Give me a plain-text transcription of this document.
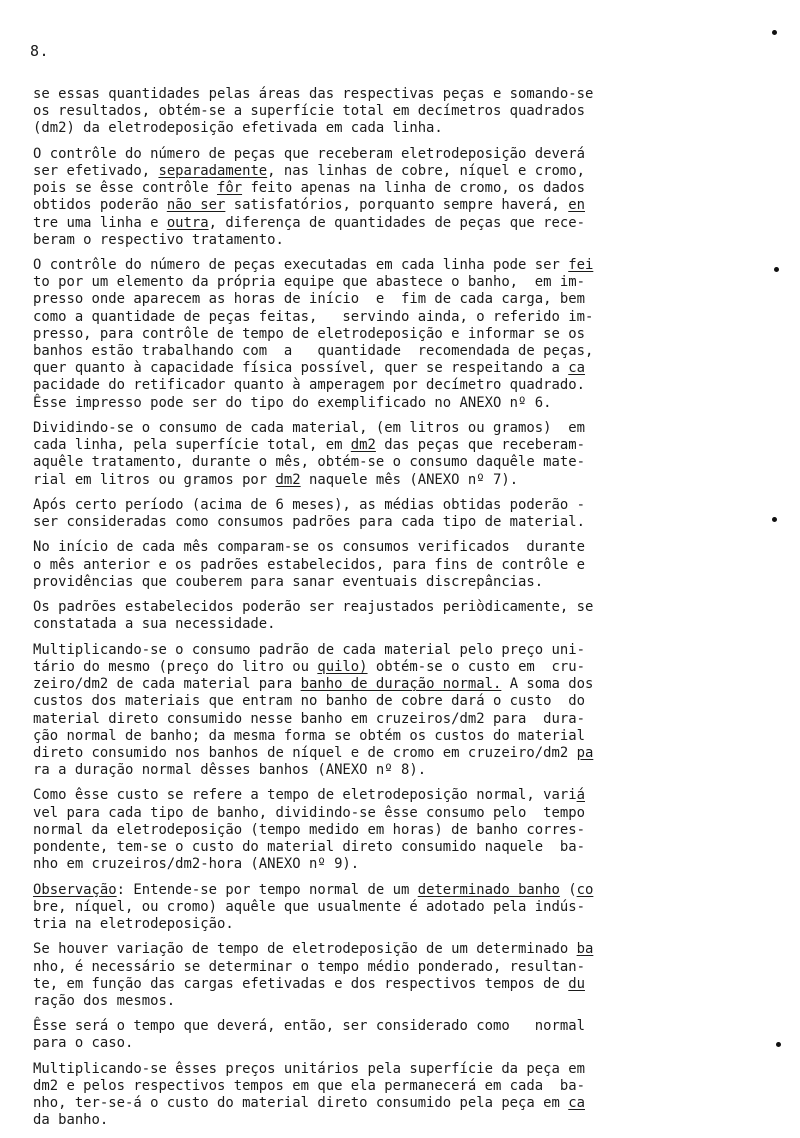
8.
se essas quantidades pelas áreas das respectivas peças e somando-se
os resultados, obtém-se a superfície total em decímetros quadrados
(dm2) da eletrodeposição efetivada em cada linha.
O contrôle do número de peças que receberam eletrodeposição deverá
ser efetivado, separadamente, nas linhas de cobre, níquel e cromo,
pois se êsse contrôle fôr feito apenas na linha de cromo, os dados
obtidos poderão não ser satisfatórios, porquanto sempre haverá, en
tre uma linha e outra, diferença de quantidades de peças que rece-
beram o respectivo tratamento.
O contrôle do número de peças executadas em cada linha pode ser fei
to por um elemento da própria equipe que abastece o banho,  em im-
presso onde aparecem as horas de início  e  fim de cada carga, bem
como a quantidade de peças feitas,   servindo ainda, o referido im-
presso, para contrôle de tempo de eletrodeposição e informar se os
banhos estão trabalhando com  a   quantidade  recomendada de peças,
quer quanto à capacidade física possível, quer se respeitando a ca
pacidade do retificador quanto à amperagem por decímetro quadrado.
Êsse impresso pode ser do tipo do exemplificado no ANEXO nº 6.
Dividindo-se o consumo de cada material, (em litros ou gramos)  em
cada linha, pela superfície total, em dm2 das peças que receberam-
aquêle tratamento, durante o mês, obtém-se o consumo daquêle mate-
rial em litros ou gramos por dm2 naquele mês (ANEXO nº 7).
Após certo período (acima de 6 meses), as médias obtidas poderão -
ser consideradas como consumos padrões para cada tipo de material.
No início de cada mês comparam-se os consumos verificados  durante
o mês anterior e os padrões estabelecidos, para fins de contrôle e
providências que couberem para sanar eventuais discrepâncias.
Os padrões estabelecidos poderão ser reajustados periòdicamente, se
constatada a sua necessidade.
Multiplicando-se o consumo padrão de cada material pelo preço uni-
tário do mesmo (preço do litro ou quilo) obtém-se o custo em  cru-
zeiro/dm2 de cada material para banho de duração normal. A soma dos
custos dos materiais que entram no banho de cobre dará o custo  do
material direto consumido nesse banho em cruzeiros/dm2 para  dura-
ção normal de banho; da mesma forma se obtém os custos do material
direto consumido nos banhos de níquel e de cromo em cruzeiro/dm2 pa
ra a duração normal dêsses banhos (ANEXO nº 8).
Como êsse custo se refere a tempo de eletrodeposição normal, variá
vel para cada tipo de banho, dividindo-se êsse consumo pelo  tempo
normal da eletrodeposição (tempo medido em horas) de banho corres-
pondente, tem-se o custo do material direto consumido naquele  ba-
nho em cruzeiros/dm2-hora (ANEXO nº 9).
Observação: Entende-se por tempo normal de um determinado banho (co
bre, níquel, ou cromo) aquêle que usualmente é adotado pela indús-
tria na eletrodeposição.
Se houver variação de tempo de eletrodeposição de um determinado ba
nho, é necessário se determinar o tempo médio ponderado, resultan-
te, em função das cargas efetivadas e dos respectivos tempos de du
ração dos mesmos.
Êsse será o tempo que deverá, então, ser considerado como   normal
para o caso.
Multiplicando-se êsses preços unitários pela superfície da peça em
dm2 e pelos respectivos tempos em que ela permanecerá em cada  ba-
nho, ter-se-á o custo do material direto consumido pela peça em ca
da banho.
